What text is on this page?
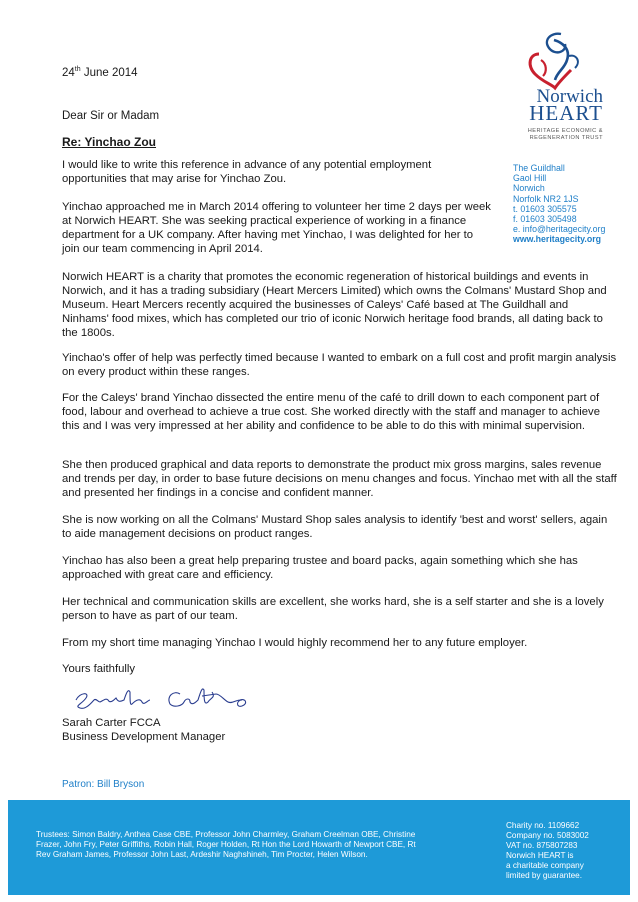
Norwich
HEART
HERITAGE ECONOMIC &
REGENERATION TRUST
The Guildhall
Gaol Hill
Norwich
Norfolk NR2 1JS
t. 01603 305575
f. 01603 305498
e. info@heritagecity.org
www.heritagecity.org
24th June 2014
Dear Sir or Madam
Re: Yinchao Zou

I would like to write this reference in advance of any potential employment opportunities that may arise for Yinchao Zou.

Yinchao approached me in March 2014 offering to volunteer her time 2 days per week at Norwich HEART. She was seeking practical experience of working in a finance department for a UK company. After having met Yinchao, I was delighted for her to join our team commencing in April 2014.

Norwich HEART is a charity that promotes the economic regeneration of historical buildings and events in Norwich, and it has a trading subsidiary (Heart Mercers Limited) which owns the Colmans' Mustard Shop and Museum. Heart Mercers recently acquired the businesses of Caleys' Café based at The Guildhall and Ninhams' food mixes, which has completed our trio of iconic Norwich heritage food brands, all dating back to the 1800s.

Yinchao's offer of help was perfectly timed because I wanted to embark on a full cost and profit margin analysis on every product within these ranges.

For the Caleys' brand Yinchao dissected the entire menu of the café to drill down to each component part of food, labour and overhead to achieve a true cost. She worked directly with the staff and manager to achieve this and I was very impressed at her ability and confidence to be able to do this with minimal supervision.

She then produced graphical and data reports to demonstrate the product mix gross margins, sales revenue and trends per day, in order to base future decisions on menu changes and focus. Yinchao met with all the staff and presented her findings in a concise and confident manner.

She is now working on all the Colmans' Mustard Shop sales analysis to identify 'best and worst' sellers, again to aide management decisions on product ranges.

Yinchao has also been a great help preparing trustee and board packs, again something which she has approached with great care and efficiency.

Her technical and communication skills are excellent, she works hard, she is a self starter and she is a lovely person to have as part of our team.

From my short time managing Yinchao I would highly recommend her to any future employer.

Yours faithfully

Sarah Carter FCCA
Business Development Manager
Patron: Bill Bryson
Trustees: Simon Baldry, Anthea Case CBE, Professor John Charmley, Graham Creelman OBE, Christine Frazer, John Fry, Peter Griffiths, Robin Hall, Roger Holden, Rt Hon the Lord Howarth of Newport CBE, Rt Rev Graham James, Professor John Last, Ardeshir Naghshineh, Tim Procter, Helen Wilson.
Charity no. 1109662
Company no. 5083002
VAT no. 875807283
Norwich HEART is
a charitable company
limited by guarantee.
